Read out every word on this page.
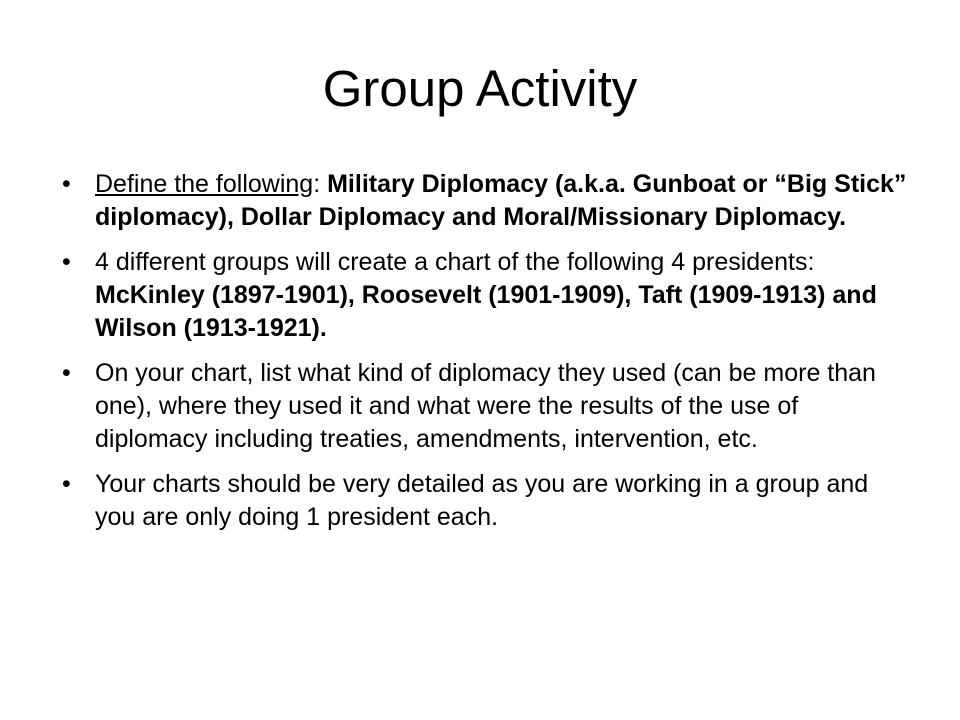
Group Activity
• Define the following: Military Diplomacy (a.k.a. Gunboat or “Big Stick” diplomacy), Dollar Diplomacy and Moral/Missionary Diplomacy.
• 4 different groups will create a chart of the following 4 presidents: McKinley (1897-1901), Roosevelt (1901-1909), Taft (1909-1913) and Wilson (1913-1921).
• On your chart, list what kind of diplomacy they used (can be more than one), where they used it and what were the results of the use of diplomacy including treaties, amendments, intervention, etc.
• Your charts should be very detailed as you are working in a group and you are only doing 1 president each.
